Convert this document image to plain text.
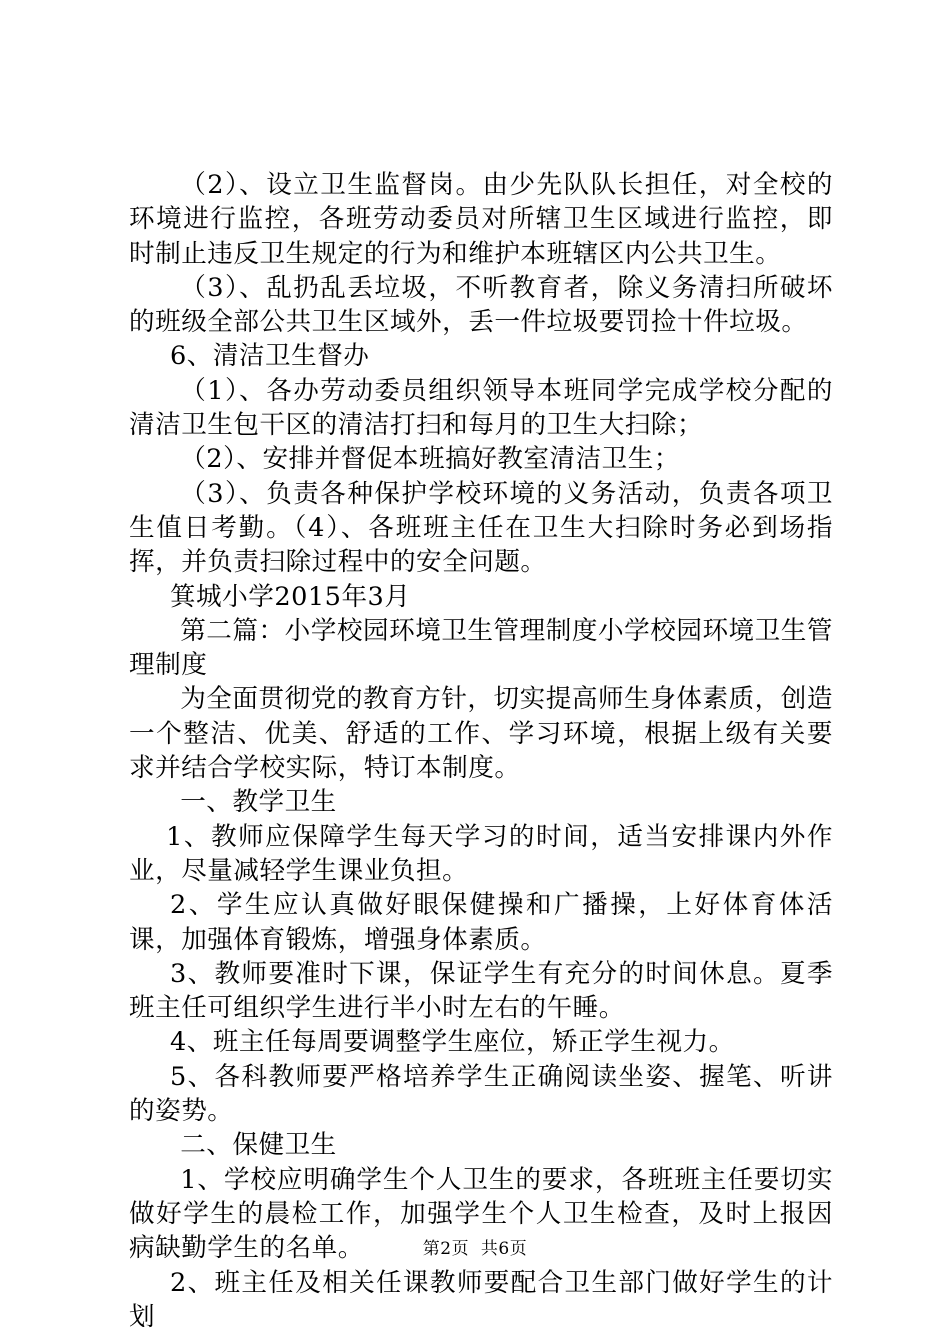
（2）、设立卫生监督岗。由少先队队长担任，对全校的环境进行监控，各班劳动委员对所辖卫生区域进行监控，即时制止违反卫生规定的行为和维护本班辖区内公共卫生。

（3）、乱扔乱丢垃圾，不听教育者，除义务清扫所破坏的班级全部公共卫生区域外，丢一件垃圾要罚捡十件垃圾。

6、清洁卫生督办

（1）、各办劳动委员组织领导本班同学完成学校分配的清洁卫生包干区的清洁打扫和每月的卫生大扫除；

（2）、安排并督促本班搞好教室清洁卫生；

（3）、负责各种保护学校环境的义务活动，负责各项卫生值日考勤。（4）、各班班主任在卫生大扫除时务必到场指挥，并负责扫除过程中的安全问题。

箕城小学2015年3月

第二篇：小学校园环境卫生管理制度小学校园环境卫生管理制度

为全面贯彻党的教育方针，切实提高师生身体素质，创造一个整洁、优美、舒适的工作、学习环境，根据上级有关要求并结合学校实际，特订本制度。

一、教学卫生

1、教师应保障学生每天学习的时间，适当安排课内外作业，尽量减轻学生课业负担。

2、学生应认真做好眼保健操和广播操，上好体育体活课，加强体育锻炼，增强身体素质。

3、教师要准时下课，保证学生有充分的时间休息。夏季班主任可组织学生进行半小时左右的午睡。

4、班主任每周要调整学生座位，矫正学生视力。

5、各科教师要严格培养学生正确阅读坐姿、握笔、听讲的姿势。

二、保健卫生

1、学校应明确学生个人卫生的要求，各班班主任要切实做好学生的晨检工作，加强学生个人卫生检查，及时上报因病缺勤学生的名单。

2、班主任及相关任课教师要配合卫生部门做好学生的计划

第2页  共6页
